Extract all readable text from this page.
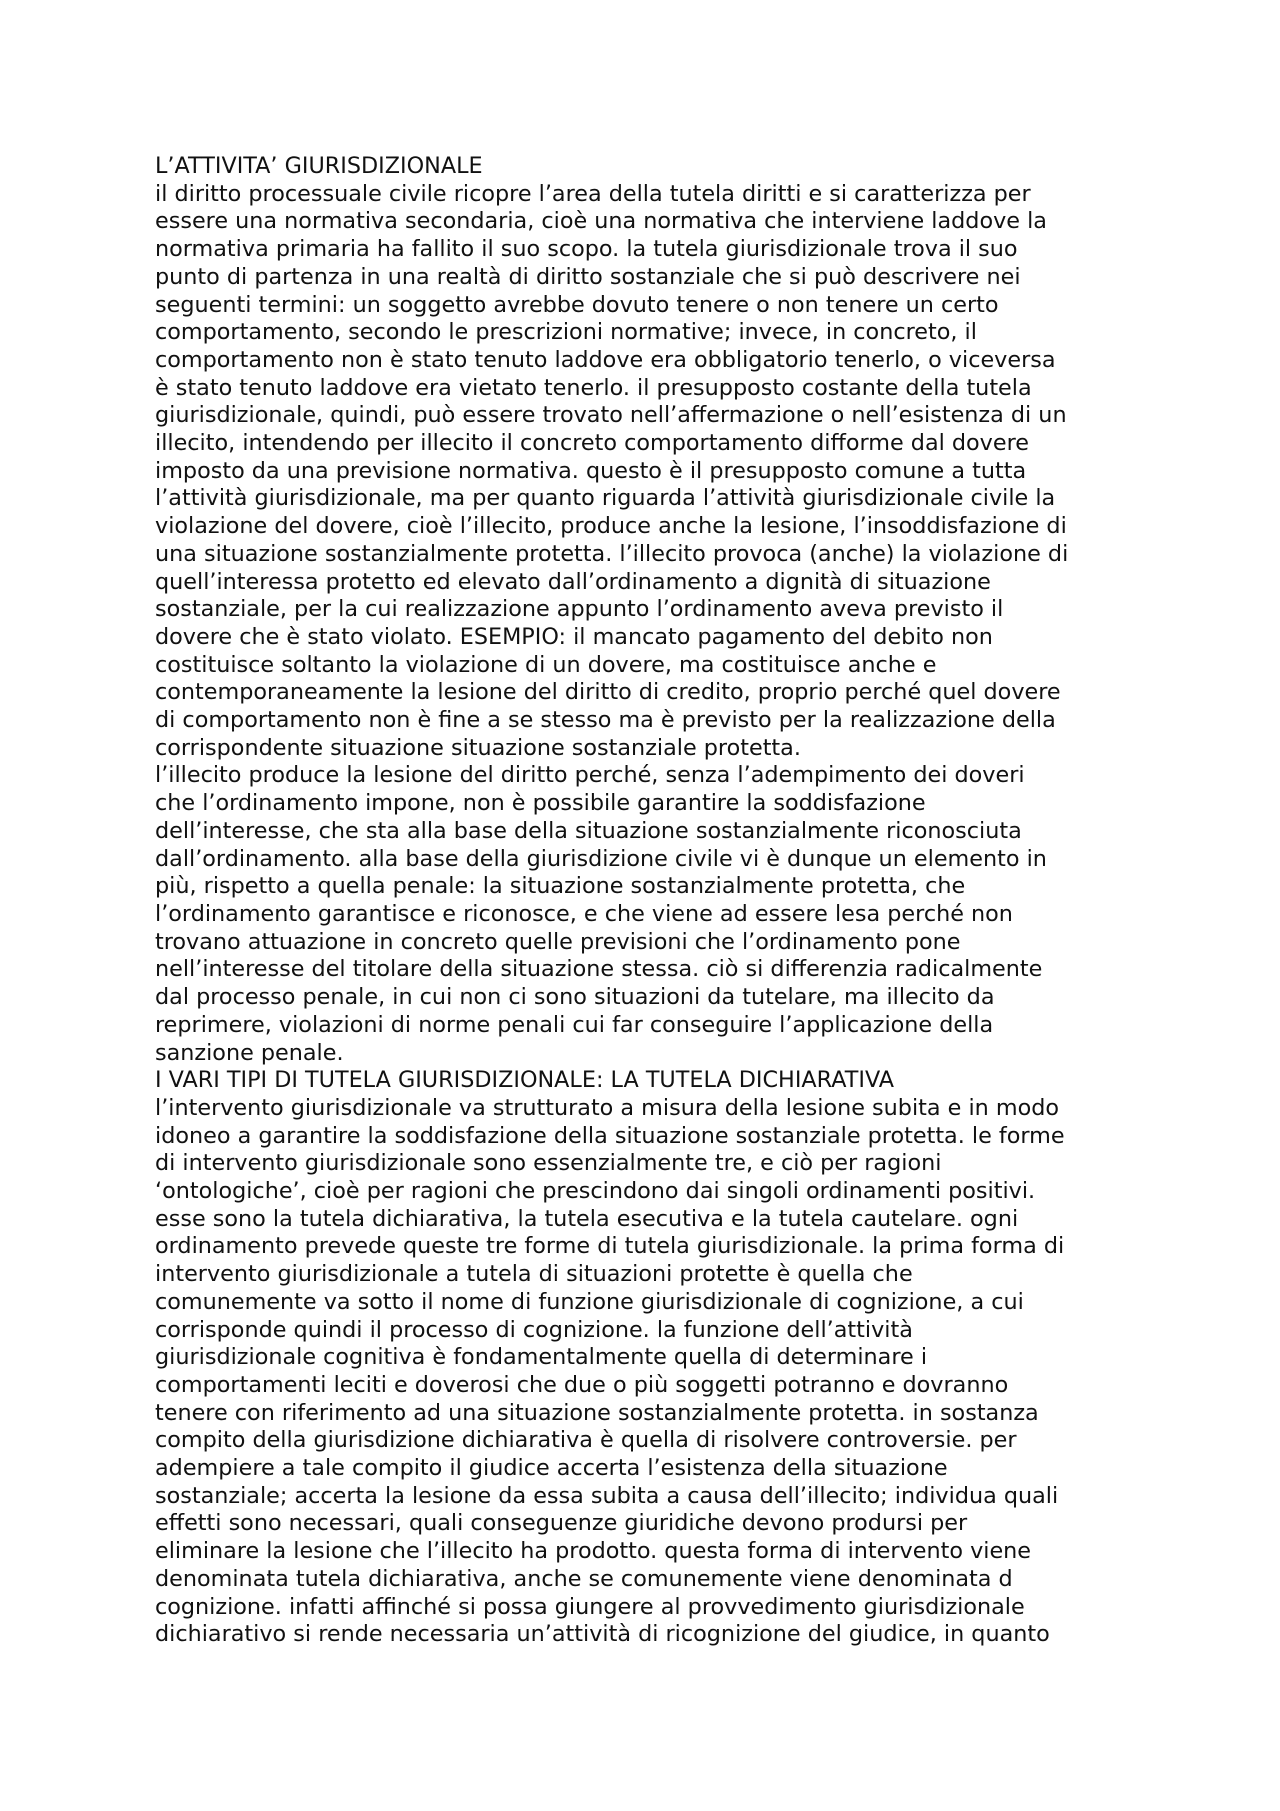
L’ATTIVITA’ GIURISDIZIONALE
il diritto processuale civile ricopre l’area della tutela diritti e si caratterizza per
essere una normativa secondaria, cioè una normativa che interviene laddove la
normativa primaria ha fallito il suo scopo. la tutela giurisdizionale trova il suo
punto di partenza in una realtà di diritto sostanziale che si può descrivere nei
seguenti termini: un soggetto avrebbe dovuto tenere o non tenere un certo
comportamento, secondo le prescrizioni normative; invece, in concreto, il
comportamento non è stato tenuto laddove era obbligatorio tenerlo, o viceversa
è stato tenuto laddove era vietato tenerlo. il presupposto costante della tutela
giurisdizionale, quindi, può essere trovato nell’affermazione o nell’esistenza di un
illecito, intendendo per illecito il concreto comportamento difforme dal dovere
imposto da una previsione normativa. questo è il presupposto comune a tutta
l’attività giurisdizionale, ma per quanto riguarda l’attività giurisdizionale civile la
violazione del dovere, cioè l’illecito, produce anche la lesione, l’insoddisfazione di
una situazione sostanzialmente protetta. l’illecito provoca (anche) la violazione di
quell’interessa protetto ed elevato dall’ordinamento a dignità di situazione
sostanziale, per la cui realizzazione appunto l’ordinamento aveva previsto il
dovere che è stato violato. ESEMPIO: il mancato pagamento del debito non
costituisce soltanto la violazione di un dovere, ma costituisce anche e
contemporaneamente la lesione del diritto di credito, proprio perché quel dovere
di comportamento non è fine a se stesso ma è previsto per la realizzazione della
corrispondente situazione situazione sostanziale protetta.
l’illecito produce la lesione del diritto perché, senza l’adempimento dei doveri
che l’ordinamento impone, non è possibile garantire la soddisfazione
dell’interesse, che sta alla base della situazione sostanzialmente riconosciuta
dall’ordinamento. alla base della giurisdizione civile vi è dunque un elemento in
più, rispetto a quella penale: la situazione sostanzialmente protetta, che
l’ordinamento garantisce e riconosce, e che viene ad essere lesa perché non
trovano attuazione in concreto quelle previsioni che l’ordinamento pone
nell’interesse del titolare della situazione stessa. ciò si differenzia radicalmente
dal processo penale, in cui non ci sono situazioni da tutelare, ma illecito da
reprimere, violazioni di norme penali cui far conseguire l’applicazione della
sanzione penale.
I VARI TIPI DI TUTELA GIURISDIZIONALE: LA TUTELA DICHIARATIVA
l’intervento giurisdizionale va strutturato a misura della lesione subita e in modo
idoneo a garantire la soddisfazione della situazione sostanziale protetta. le forme
di intervento giurisdizionale sono essenzialmente tre, e ciò per ragioni
‘ontologiche’, cioè per ragioni che prescindono dai singoli ordinamenti positivi.
esse sono la tutela dichiarativa, la tutela esecutiva e la tutela cautelare. ogni
ordinamento prevede queste tre forme di tutela giurisdizionale. la prima forma di
intervento giurisdizionale a tutela di situazioni protette è quella che
comunemente va sotto il nome di funzione giurisdizionale di cognizione, a cui
corrisponde quindi il processo di cognizione. la funzione dell’attività
giurisdizionale cognitiva è fondamentalmente quella di determinare i
comportamenti leciti e doverosi che due o più soggetti potranno e dovranno
tenere con riferimento ad una situazione sostanzialmente protetta. in sostanza
compito della giurisdizione dichiarativa è quella di risolvere controversie. per
adempiere a tale compito il giudice accerta l’esistenza della situazione
sostanziale; accerta la lesione da essa subita a causa dell’illecito; individua quali
effetti sono necessari, quali conseguenze giuridiche devono prodursi per
eliminare la lesione che l’illecito ha prodotto. questa forma di intervento viene
denominata tutela dichiarativa, anche se comunemente viene denominata d
cognizione. infatti affinché si possa giungere al provvedimento giurisdizionale
dichiarativo si rende necessaria un’attività di ricognizione del giudice, in quanto
